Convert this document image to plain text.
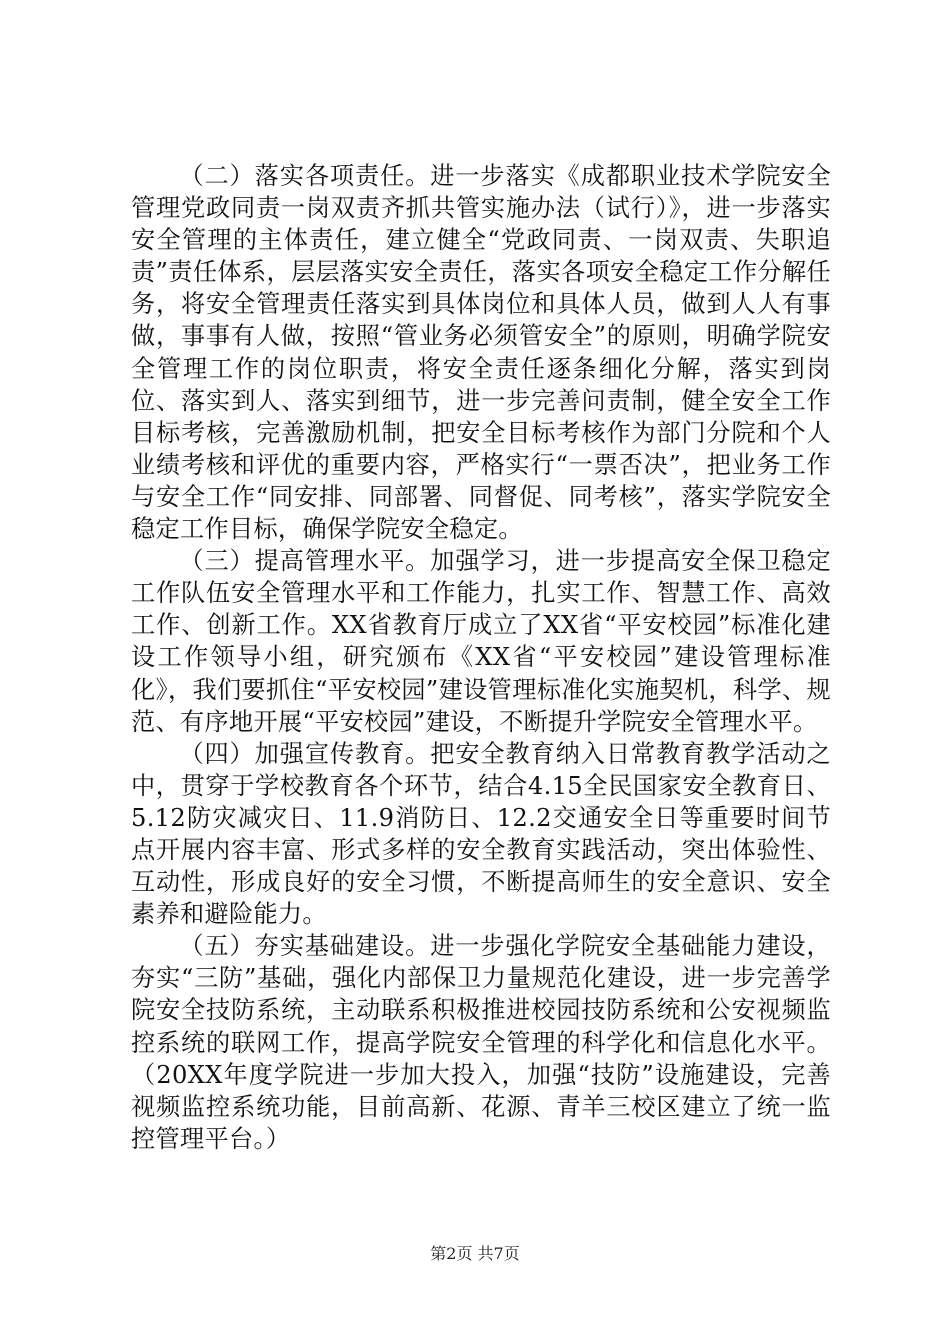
（二）落实各项责任。进一步落实《成都职业技术学院安全管理党政同责一岗双责齐抓共管实施办法（试行）》，进一步落实安全管理的主体责任，建立健全“党政同责、一岗双责、失职追责”责任体系，层层落实安全责任，落实各项安全稳定工作分解任务，将安全管理责任落实到具体岗位和具体人员，做到人人有事做，事事有人做，按照“管业务必须管安全”的原则，明确学院安全管理工作的岗位职责，将安全责任逐条细化分解，落实到岗位、落实到人、落实到细节，进一步完善问责制，健全安全工作目标考核，完善激励机制，把安全目标考核作为部门分院和个人业绩考核和评优的重要内容，严格实行“一票否决”，把业务工作与安全工作“同安排、同部署、同督促、同考核”，落实学院安全稳定工作目标，确保学院安全稳定。

（三）提高管理水平。加强学习，进一步提高安全保卫稳定工作队伍安全管理水平和工作能力，扎实工作、智慧工作、高效工作、创新工作。XX省教育厅成立了XX省“平安校园”标准化建设工作领导小组，研究颁布《XX省“平安校园”建设管理标准化》，我们要抓住“平安校园”建设管理标准化实施契机，科学、规范、有序地开展“平安校园”建设，不断提升学院安全管理水平。

（四）加强宣传教育。把安全教育纳入日常教育教学活动之中，贯穿于学校教育各个环节，结合4.15全民国家安全教育日、5.12防灾减灾日、11.9消防日、12.2交通安全日等重要时间节点开展内容丰富、形式多样的安全教育实践活动，突出体验性、互动性，形成良好的安全习惯，不断提高师生的安全意识、安全素养和避险能力。

（五）夯实基础建设。进一步强化学院安全基础能力建设，夯实“三防”基础，强化内部保卫力量规范化建设，进一步完善学院安全技防系统，主动联系积极推进校园技防系统和公安视频监控系统的联网工作，提高学院安全管理的科学化和信息化水平。（20XX年度学院进一步加大投入，加强“技防”设施建设，完善视频监控系统功能，目前高新、花源、青羊三校区建立了统一监控管理平台。）

第2页 共7页
